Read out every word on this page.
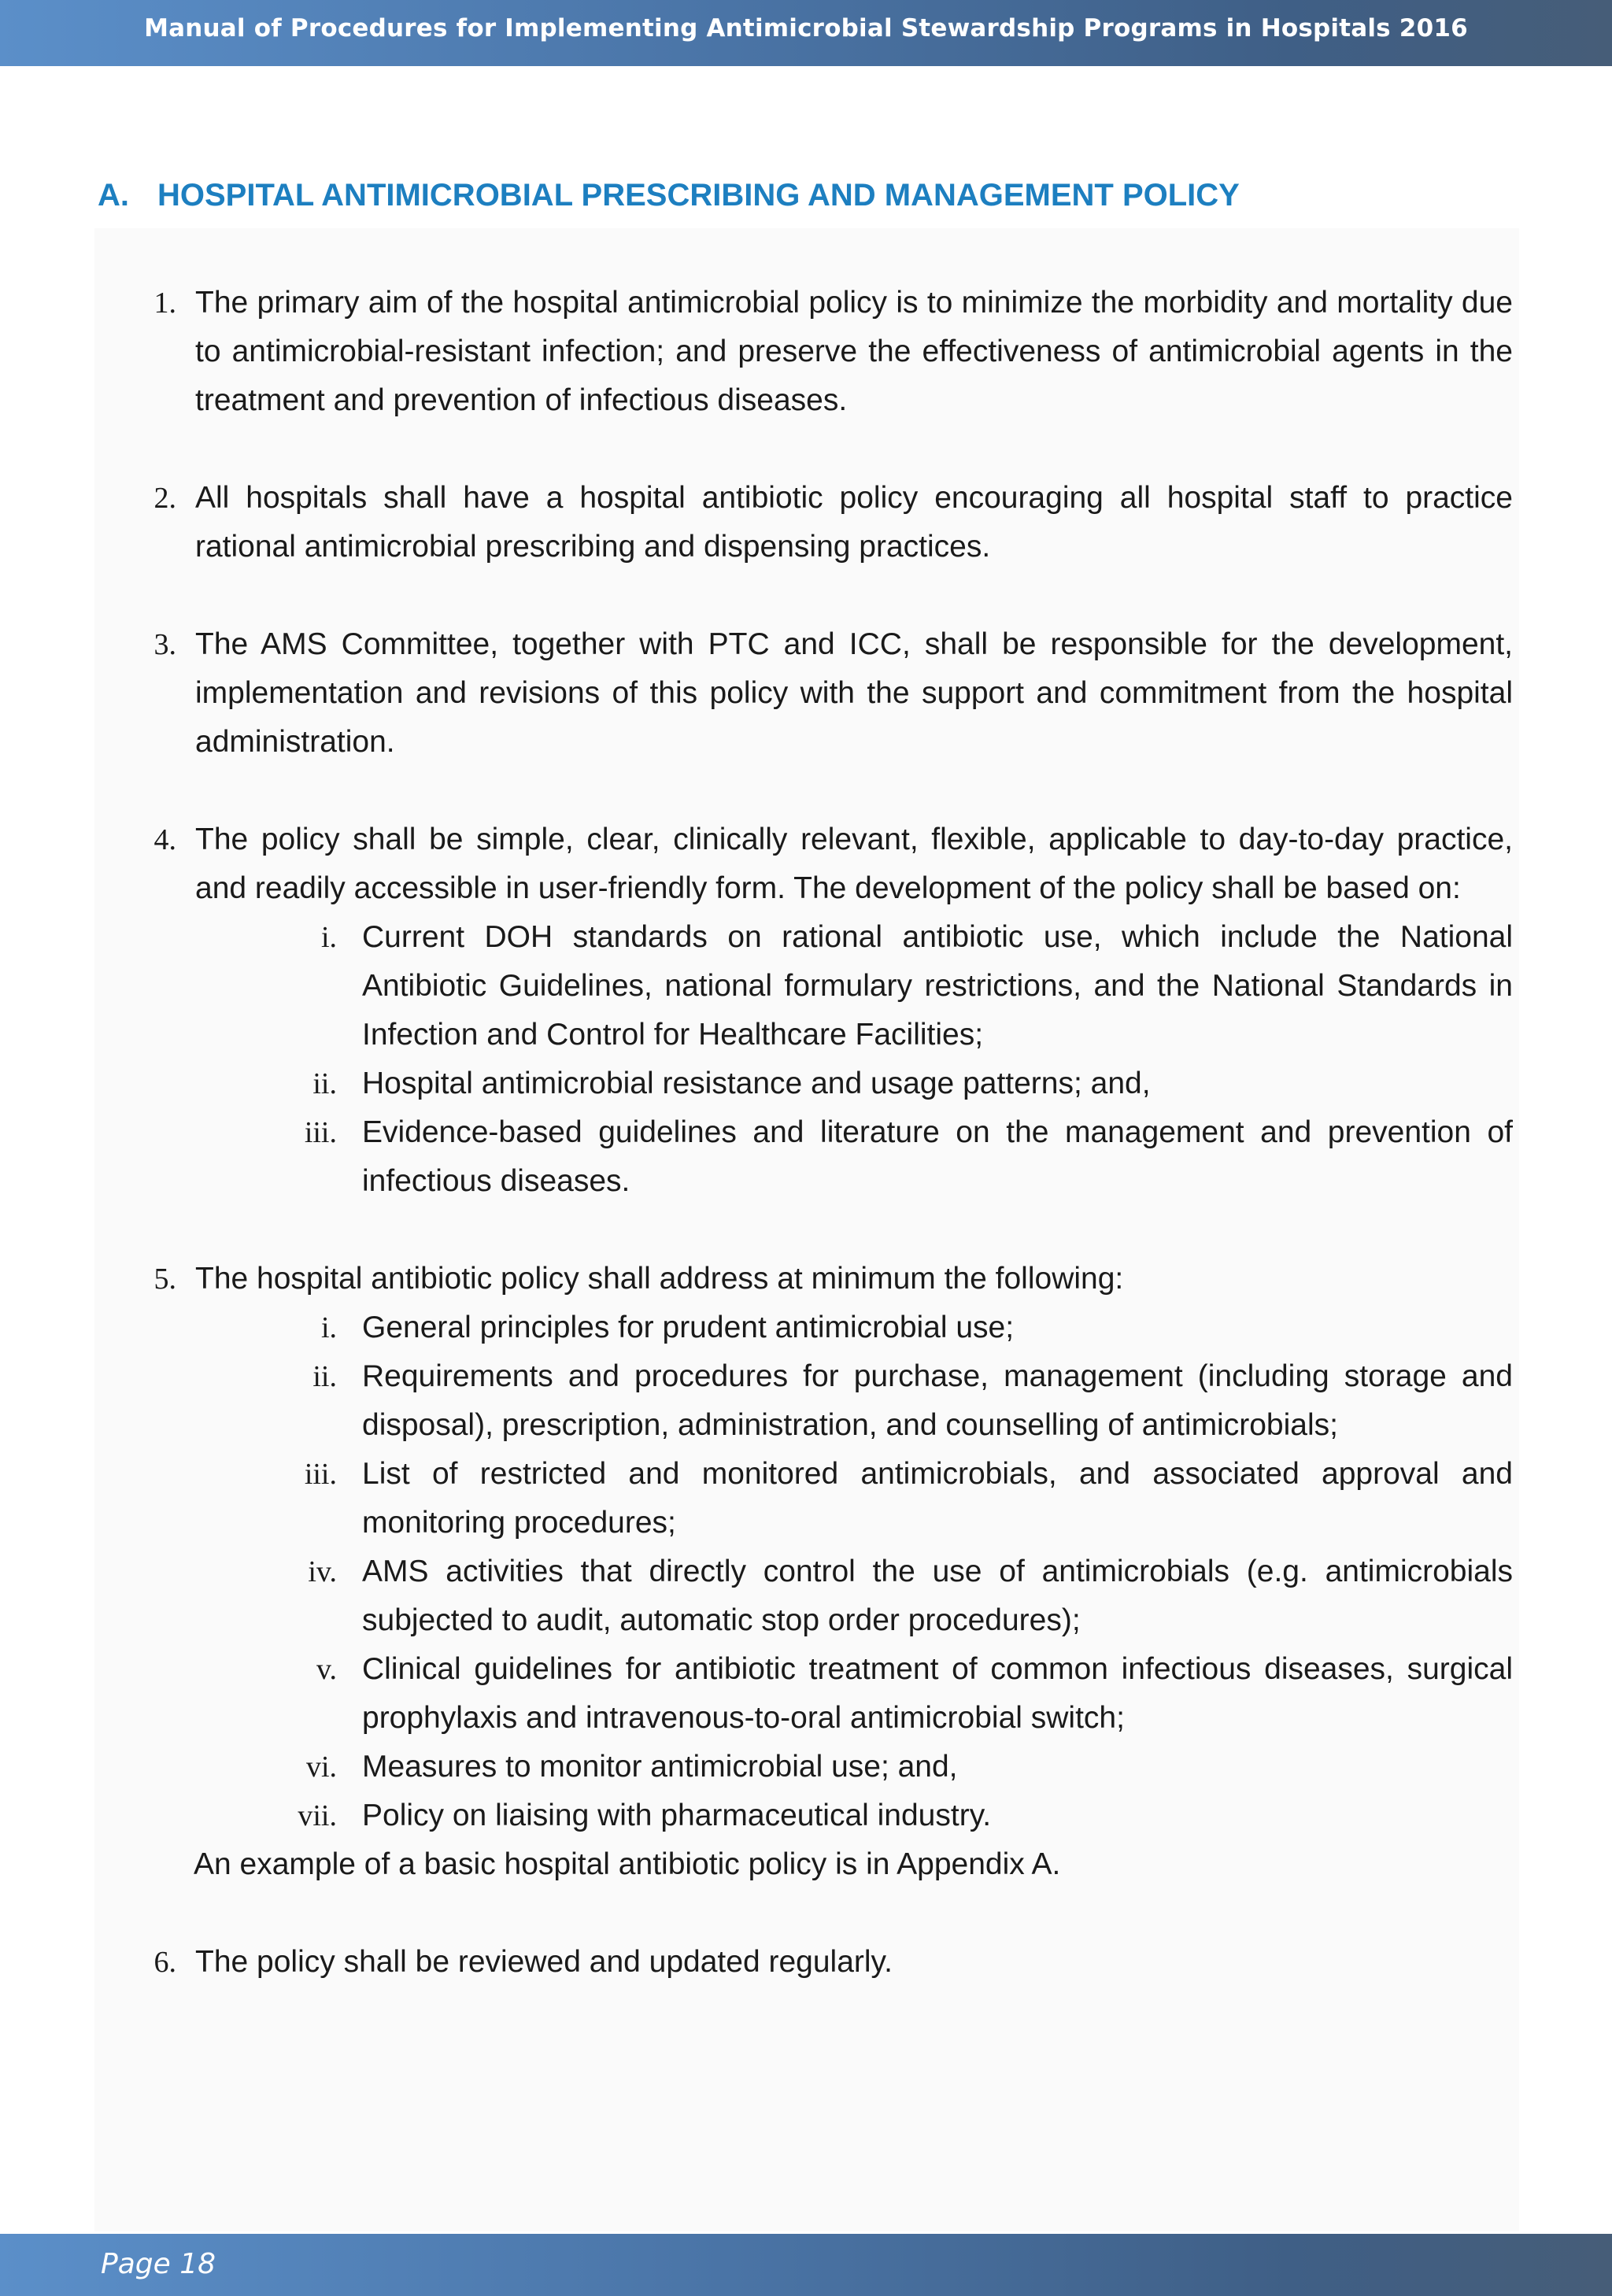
Manual of Procedures for Implementing Antimicrobial Stewardship Programs in Hospitals 2016
A. HOSPITAL ANTIMICROBIAL PRESCRIBING AND MANAGEMENT POLICY
1. The primary aim of the hospital antimicrobial policy is to minimize the morbidity and mortality due to antimicrobial-resistant infection; and preserve the effectiveness of antimicrobial agents in the treatment and prevention of infectious diseases.
2. All hospitals shall have a hospital antibiotic policy encouraging all hospital staff to practice rational antimicrobial prescribing and dispensing practices.
3. The AMS Committee, together with PTC and ICC, shall be responsible for the development, implementation and revisions of this policy with the support and commitment from the hospital administration.
4. The policy shall be simple, clear, clinically relevant, flexible, applicable to day-to-day practice, and readily accessible in user-friendly form. The development of the policy shall be based on:
i. Current DOH standards on rational antibiotic use, which include the National Antibiotic Guidelines, national formulary restrictions, and the National Standards in Infection and Control for Healthcare Facilities;
ii. Hospital antimicrobial resistance and usage patterns; and,
iii. Evidence-based guidelines and literature on the management and prevention of infectious diseases.
5. The hospital antibiotic policy shall address at minimum the following:
i. General principles for prudent antimicrobial use;
ii. Requirements and procedures for purchase, management (including storage and disposal), prescription, administration, and counselling of antimicrobials;
iii. List of restricted and monitored antimicrobials, and associated approval and monitoring procedures;
iv. AMS activities that directly control the use of antimicrobials (e.g. antimicrobials subjected to audit, automatic stop order procedures);
v. Clinical guidelines for antibiotic treatment of common infectious diseases, surgical prophylaxis and intravenous-to-oral antimicrobial switch;
vi. Measures to monitor antimicrobial use; and,
vii. Policy on liaising with pharmaceutical industry.
An example of a basic hospital antibiotic policy is in Appendix A.
6. The policy shall be reviewed and updated regularly.
Page 18
